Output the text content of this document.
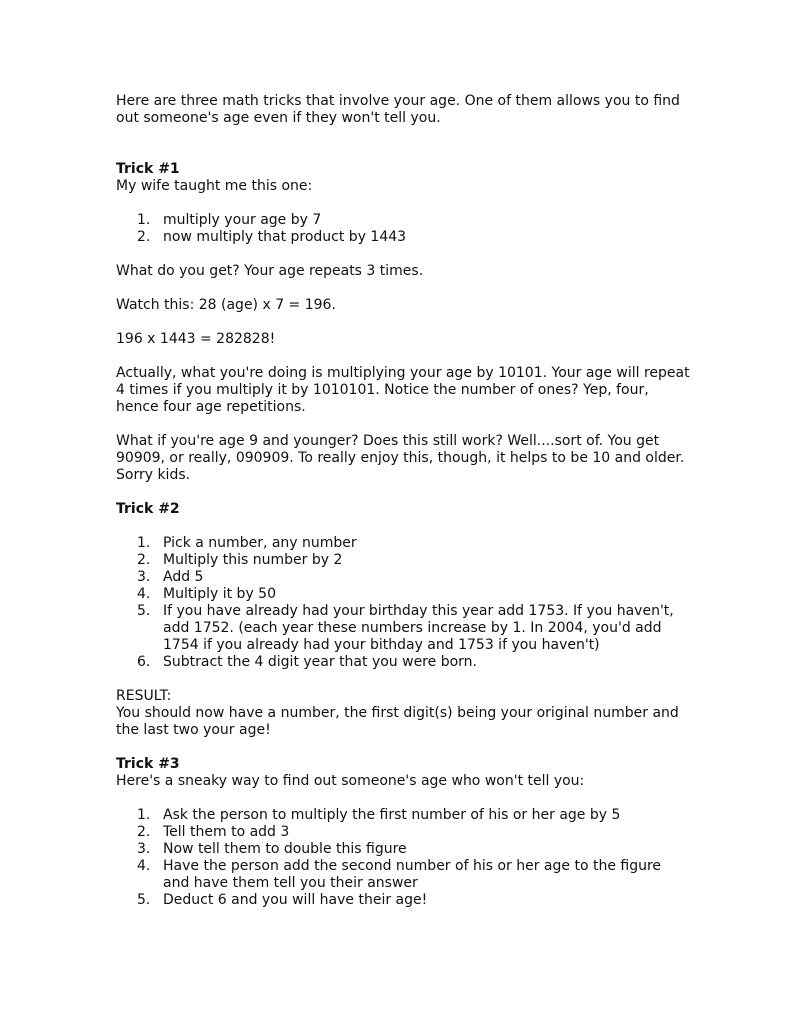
Here are three math tricks that involve your age. One of them allows you to find out someone's age even if they won't tell you.

Trick #1

My wife taught me this one:

1. multiply your age by 7
2. now multiply that product by 1443

What do you get? Your age repeats 3 times.

Watch this: 28 (age) x 7 = 196.

196 x 1443 = 282828!

Actually, what you're doing is multiplying your age by 10101. Your age will repeat 4 times if you multiply it by 1010101. Notice the number of ones? Yep, four, hence four age repetitions.

What if you're age 9 and younger? Does this still work? Well....sort of. You get 90909, or really, 090909. To really enjoy this, though, it helps to be 10 and older. Sorry kids.

Trick #2

1. Pick a number, any number
2. Multiply this number by 2
3. Add 5
4. Multiply it by 50
5. If you have already had your birthday this year add 1753. If you haven't, add 1752. (each year these numbers increase by 1. In 2004, you'd add 1754 if you already had your bithday and 1753 if you haven't)
6. Subtract the 4 digit year that you were born.

RESULT:

You should now have a number, the first digit(s) being your original number and the last two your age!

Trick #3

Here's a sneaky way to find out someone's age who won't tell you:

1. Ask the person to multiply the first number of his or her age by 5
2. Tell them to add 3
3. Now tell them to double this figure
4. Have the person add the second number of his or her age to the figure and have them tell you their answer
5. Deduct 6 and you will have their age!
